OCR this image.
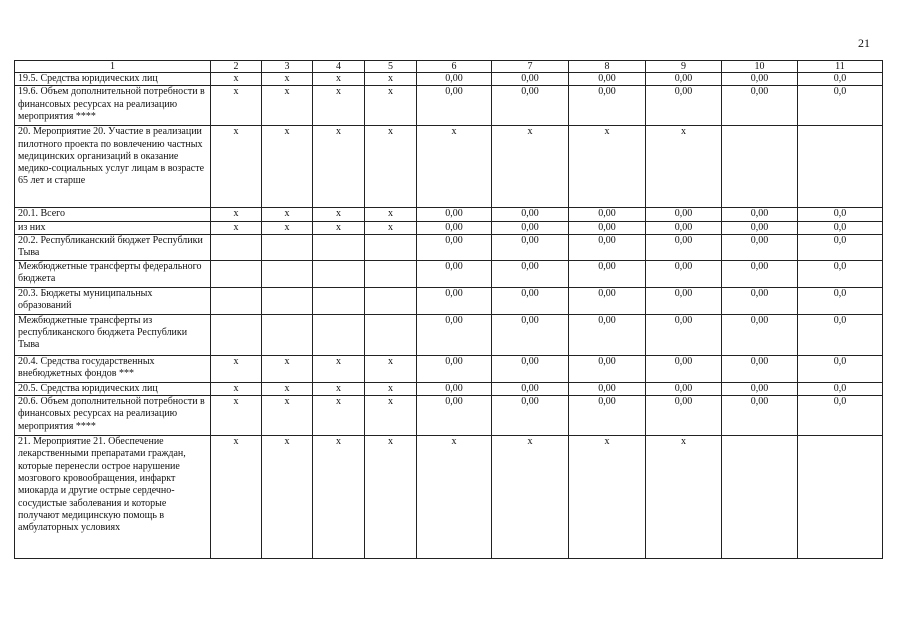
21
1	2	3	4	5	6	7	8	9	10	11
19.5. Средства юридических лиц	х	х	х	х	0,00	0,00	0,00	0,00	0,00	0,0
19.6. Объем дополнительной потребности в финансовых ресурсах на реализацию мероприятия ****	х	х	х	х	0,00	0,00	0,00	0,00	0,00	0,0
20. Мероприятие 20. Участие в реализации пилотного проекта по вовлечению частных медицинских организаций в оказание медико-социальных услуг лицам в возрасте 65 лет и старше	х	х	х	х	х	х	х	х		
20.1. Всего	х	х	х	х	0,00	0,00	0,00	0,00	0,00	0,0
из них	х	х	х	х	0,00	0,00	0,00	0,00	0,00	0,0
20.2. Республиканский бюджет Республики Тыва					0,00	0,00	0,00	0,00	0,00	0,0
Межбюджетные трансферты федерального бюджета					0,00	0,00	0,00	0,00	0,00	0,0
20.3. Бюджеты муниципальных образований					0,00	0,00	0,00	0,00	0,00	0,0
Межбюджетные трансферты из республиканского бюджета Республики Тыва					0,00	0,00	0,00	0,00	0,00	0,0
20.4. Средства государственных внебюджетных фондов ***	х	х	х	х	0,00	0,00	0,00	0,00	0,00	0,0
20.5. Средства юридических лиц	х	х	х	х	0,00	0,00	0,00	0,00	0,00	0,0
20.6. Объем дополнительной потребности в финансовых ресурсах на реализацию мероприятия ****	х	х	х	х	0,00	0,00	0,00	0,00	0,00	0,0
21. Мероприятие 21. Обеспечение лекарственными препаратами граждан, которые перенесли острое нарушение мозгового кровообращения, инфаркт миокарда и другие острые сердечно-сосудистые заболевания и которые получают медицинскую помощь в амбулаторных условиях	х	х	х	х	х	х	х	х		
